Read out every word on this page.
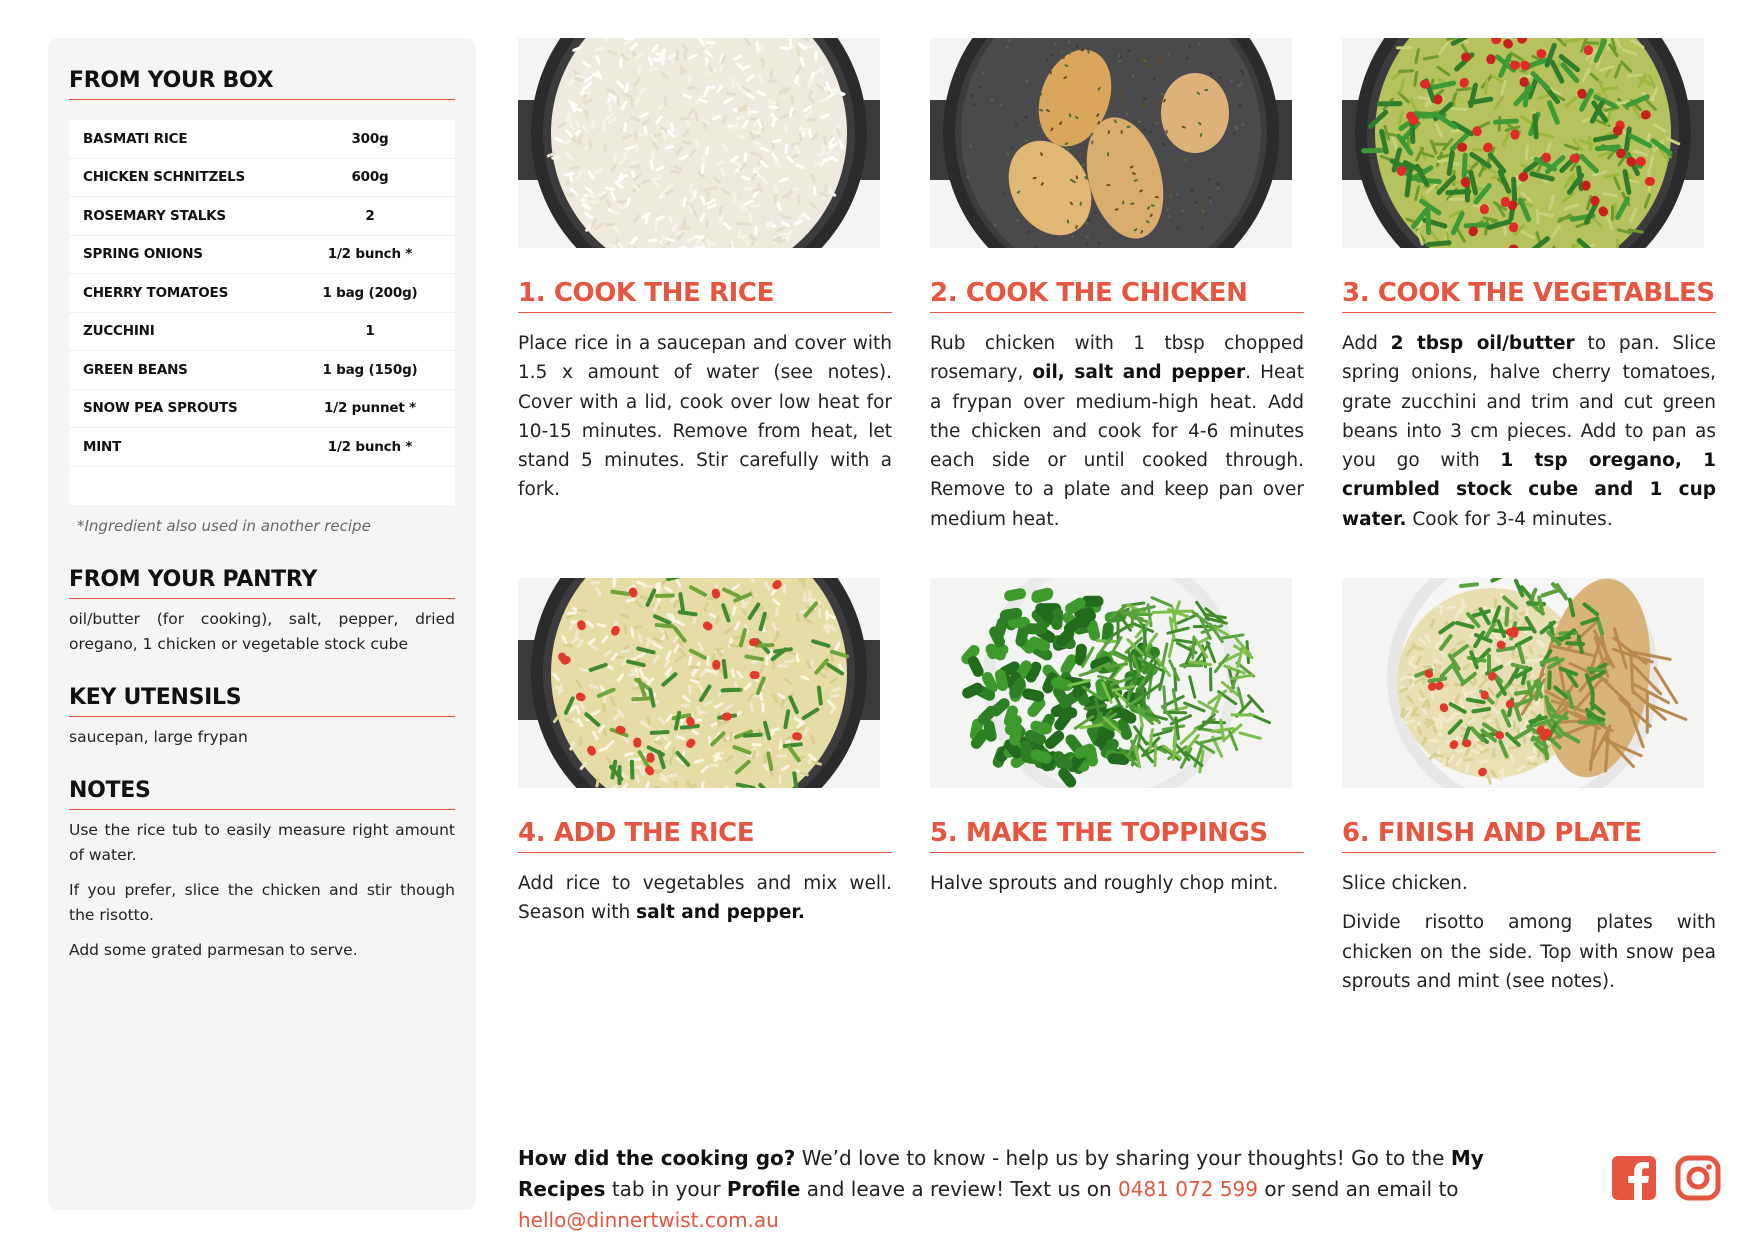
FROM YOUR BOX
BASMATI RICE	300g
CHICKEN SCHNITZELS	600g
ROSEMARY STALKS	2
SPRING ONIONS	1/2 bunch *
CHERRY TOMATOES	1 bag (200g)
ZUCCHINI	1
GREEN BEANS	1 bag (150g)
SNOW PEA SPROUTS	1/2 punnet *
MINT	1/2 bunch *
*Ingredient also used in another recipe
FROM YOUR PANTRY
oil/butter (for cooking), salt, pepper, dried oregano, 1 chicken or vegetable stock cube
KEY UTENSILS
saucepan, large frypan
NOTES
Use the rice tub to easily measure right amount of water.
If you prefer, slice the chicken and stir though the risotto.
Add some grated parmesan to serve.
1. COOK THE RICE
Place rice in a saucepan and cover with 1.5 x amount of water (see notes). Cover with a lid, cook over low heat for 10-15 minutes. Remove from heat, let stand 5 minutes. Stir carefully with a fork.
2. COOK THE CHICKEN
Rub chicken with 1 tbsp chopped rosemary, oil, salt and pepper. Heat a frypan over medium-high heat. Add the chicken and cook for 4-6 minutes each side or until cooked through. Remove to a plate and keep pan over medium heat.
3. COOK THE VEGETABLES
Add 2 tbsp oil/butter to pan. Slice spring onions, halve cherry tomatoes, grate zucchini and trim and cut green beans into 3 cm pieces. Add to pan as you go with 1 tsp oregano, 1 crumbled stock cube and 1 cup water. Cook for 3-4 minutes.
4. ADD THE RICE
Add rice to vegetables and mix well. Season with salt and pepper.
5. MAKE THE TOPPINGS
Halve sprouts and roughly chop mint.
6. FINISH AND PLATE
Slice chicken.
Divide risotto among plates with chicken on the side. Top with snow pea sprouts and mint (see notes).
How did the cooking go? We’d love to know - help us by sharing your thoughts! Go to the My Recipes tab in your Profile and leave a review! Text us on 0481 072 599 or send an email to hello@dinnertwist.com.au
